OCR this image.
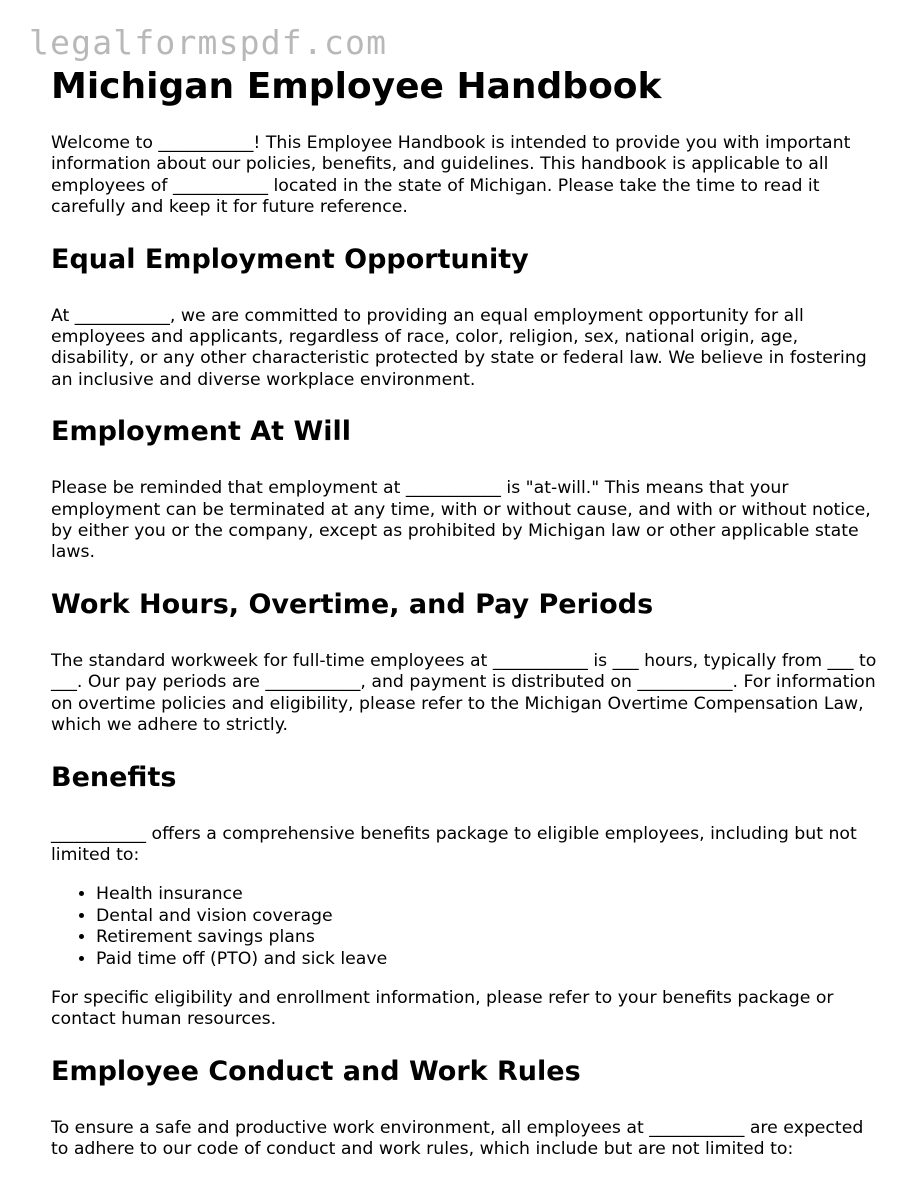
legalformspdf.com
Michigan Employee Handbook

Welcome to ___________! This Employee Handbook is intended to provide you with important information about our policies, benefits, and guidelines. This handbook is applicable to all employees of ___________ located in the state of Michigan. Please take the time to read it carefully and keep it for future reference.

Equal Employment Opportunity

At ___________, we are committed to providing an equal employment opportunity for all employees and applicants, regardless of race, color, religion, sex, national origin, age, disability, or any other characteristic protected by state or federal law. We believe in fostering an inclusive and diverse workplace environment.

Employment At Will

Please be reminded that employment at ___________ is "at-will." This means that your employment can be terminated at any time, with or without cause, and with or without notice, by either you or the company, except as prohibited by Michigan law or other applicable state laws.

Work Hours, Overtime, and Pay Periods

The standard workweek for full-time employees at ___________ is ___ hours, typically from ___ to ___. Our pay periods are ___________, and payment is distributed on ___________. For information on overtime policies and eligibility, please refer to the Michigan Overtime Compensation Law, which we adhere to strictly.

Benefits

___________ offers a comprehensive benefits package to eligible employees, including but not limited to:

• Health insurance
• Dental and vision coverage
• Retirement savings plans
• Paid time off (PTO) and sick leave

For specific eligibility and enrollment information, please refer to your benefits package or contact human resources.

Employee Conduct and Work Rules

To ensure a safe and productive work environment, all employees at ___________ are expected to adhere to our code of conduct and work rules, which include but are not limited to:
